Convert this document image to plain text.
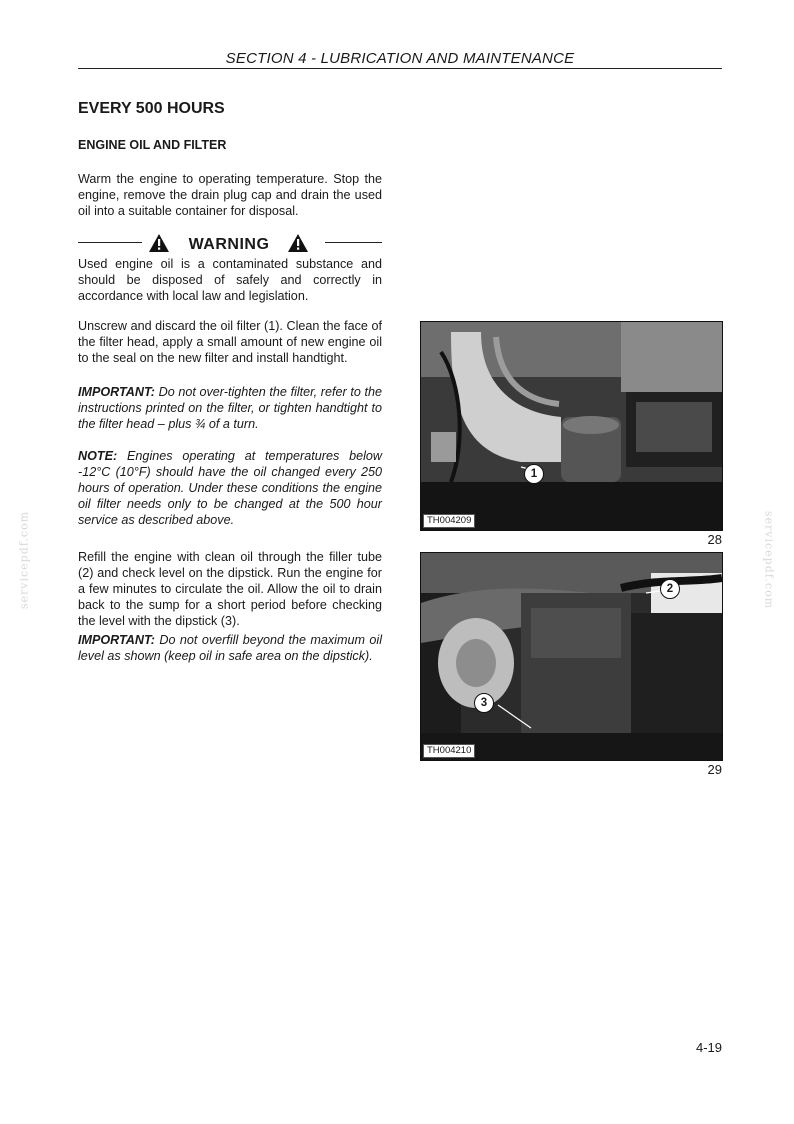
SECTION 4 - LUBRICATION AND MAINTENANCE
servicepdf.com	servicepdf.com
EVERY 500 HOURS
ENGINE OIL AND FILTER

Warm the engine to operating temperature. Stop the engine, remove the drain plug cap and drain the used oil into a suitable container for disposal.

WARNING

Used engine oil is a contaminated substance and should be disposed of safely and correctly in accordance with local law and legislation.

Unscrew and discard the oil filter (1). Clean the face of the filter head, apply a small amount of new engine oil to the seal on the new filter and install handtight.

IMPORTANT: Do not over-tighten the filter, refer to the instructions printed on the filter, or tighten handtight to the filter head – plus ¾ of a turn.

NOTE: Engines operating at temperatures below -12°C (10°F) should have the oil changed every 250 hours of operation. Under these conditions the engine oil filter needs only to be changed at the 500 hour service as described above.

Refill the engine with clean oil through the filler tube (2) and check level on the dipstick. Run the engine for a few minutes to circulate the oil. Allow the oil to drain back to the sump for a short period before checking the level with the dipstick (3).

IMPORTANT: Do not overfill beyond the maximum oil level as shown (keep oil in safe area on the dipstick).

TH004209
1
28
TH004210
2
3
29
4-19
